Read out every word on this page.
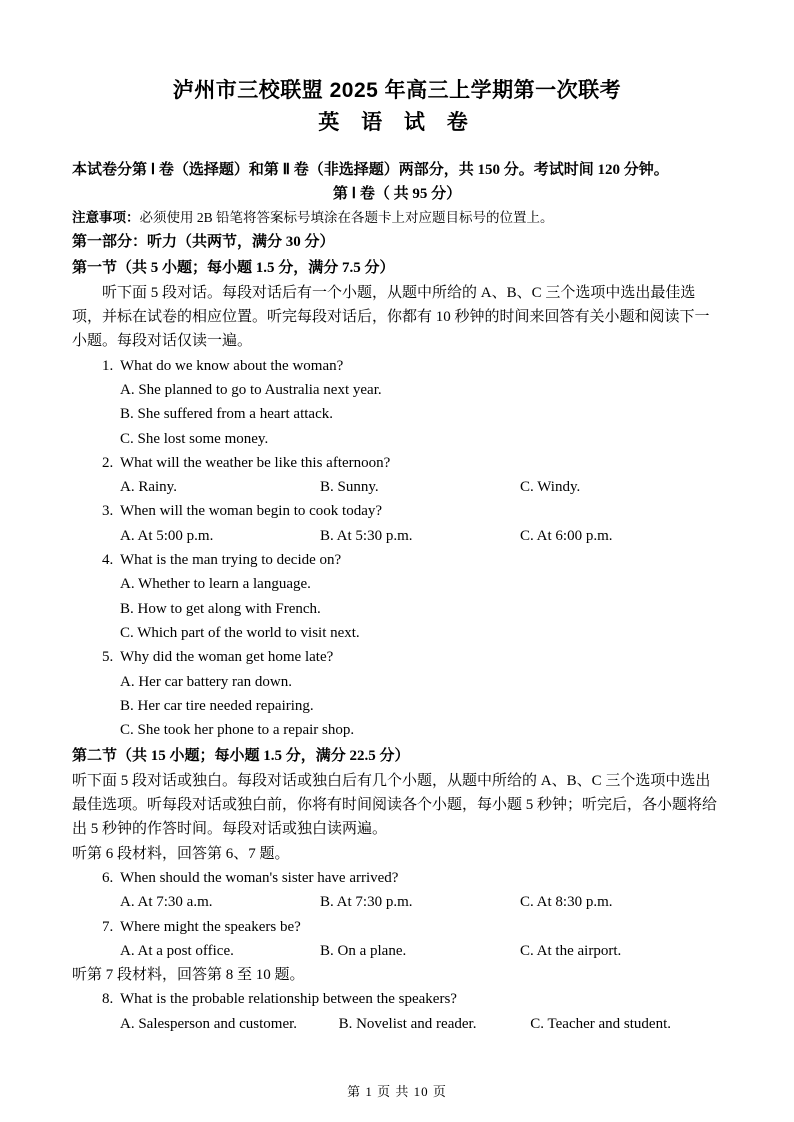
泸州市三校联盟 2025 年高三上学期第一次联考
英 语 试 卷
本试卷分第 Ⅰ 卷（选择题）和第 Ⅱ 卷（非选择题）两部分，共 150 分。考试时间 120 分钟。
第 Ⅰ 卷（ 共 95 分）
注意事项：必须使用 2B 铅笔将答案标号填涂在各题卡上对应题目标号的位置上。
第一部分：听力（共两节，满分 30 分）
第一节（共 5 小题；每小题 1.5 分，满分 7.5 分）
听下面 5 段对话。每段对话后有一个小题，从题中所给的 A、B、C 三个选项中选出最佳选项，并标在试卷的相应位置。听完每段对话后，你都有 10 秒钟的时间来回答有关小题和阅读下一小题。每段对话仅读一遍。
1. What do we know about the woman?
A. She planned to go to Australia next year.
B. She suffered from a heart attack.
C. She lost some money.
2. What will the weather be like this afternoon?
A. Rainy.	B. Sunny.	C. Windy.
3. When will the woman begin to cook today?
A. At 5:00 p.m.	B. At 5:30 p.m.	C. At 6:00 p.m.
4. What is the man trying to decide on?
A. Whether to learn a language.
B. How to get along with French.
C. Which part of the world to visit next.
5. Why did the woman get home late?
A. Her car battery ran down.
B. Her car tire needed repairing.
C. She took her phone to a repair shop.
第二节（共 15 小题；每小题 1.5 分，满分 22.5 分）
听下面 5 段对话或独白。每段对话或独白后有几个小题，从题中所给的 A、B、C 三个选项中选出最佳选项。听每段对话或独白前，你将有时间阅读各个小题，每小题 5 秒钟；听完后，各小题将给出 5 秒钟的作答时间。每段对话或独白读两遍。
听第 6 段材料，回答第 6、7 题。
6. When should the woman's sister have arrived?
A. At 7:30 a.m.	B. At 7:30 p.m.	C. At 8:30 p.m.
7. Where might the speakers be?
A. At a post office.	B. On a plane.	C. At the airport.
听第 7 段材料，回答第 8 至 10 题。
8. What is the probable relationship between the speakers?
A. Salesperson and customer.	B. Novelist and reader.	C. Teacher and student.
第 1 页 共 10 页
